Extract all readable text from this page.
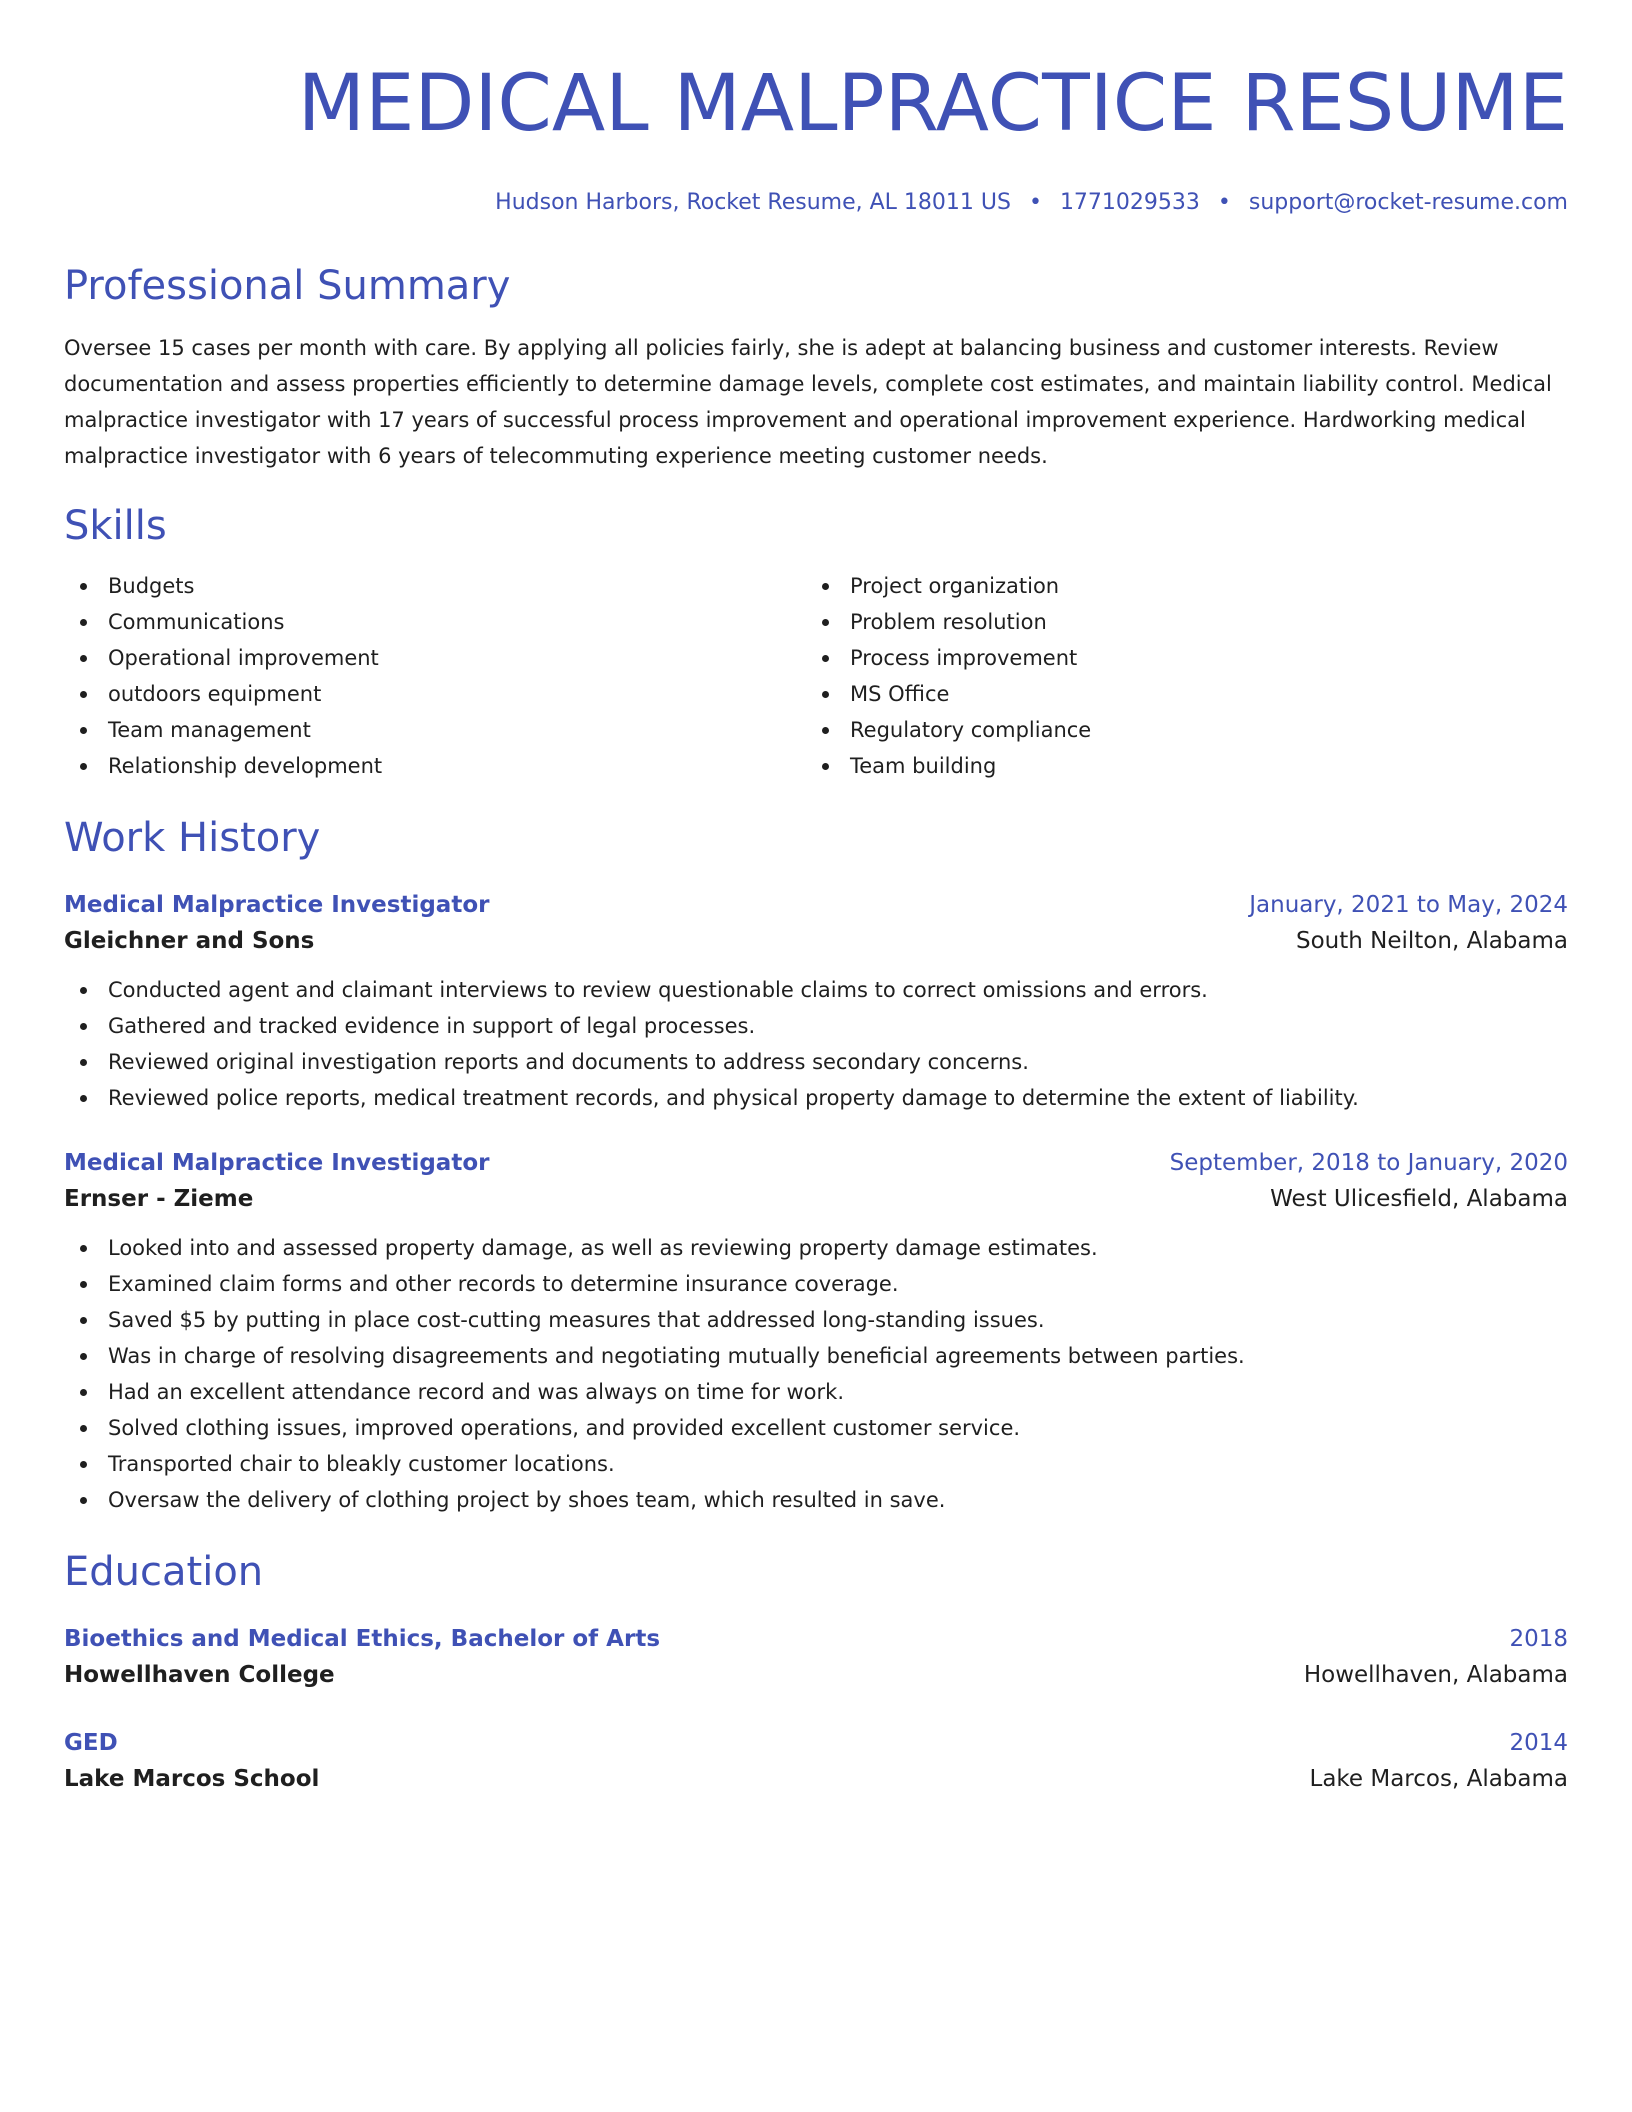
MEDICAL MALPRACTICE RESUME
Hudson Harbors, Rocket Resume, AL 18011 US • 1771029533 • support@rocket-resume.com
Professional Summary
Oversee 15 cases per month with care. By applying all policies fairly, she is adept at balancing business and customer interests. Review documentation and assess properties efficiently to determine damage levels, complete cost estimates, and maintain liability control. Medical malpractice investigator with 17 years of successful process improvement and operational improvement experience. Hardworking medical malpractice investigator with 6 years of telecommuting experience meeting customer needs.
Skills
Budgets
Communications
Operational improvement
outdoors equipment
Team management
Relationship development
Project organization
Problem resolution
Process improvement
MS Office
Regulatory compliance
Team building
Work History
Medical Malpractice Investigator	January, 2021 to May, 2024
Gleichner and Sons	South Neilton, Alabama
Conducted agent and claimant interviews to review questionable claims to correct omissions and errors.
Gathered and tracked evidence in support of legal processes.
Reviewed original investigation reports and documents to address secondary concerns.
Reviewed police reports, medical treatment records, and physical property damage to determine the extent of liability.
Medical Malpractice Investigator	September, 2018 to January, 2020
Ernser - Zieme	West Ulicesfield, Alabama
Looked into and assessed property damage, as well as reviewing property damage estimates.
Examined claim forms and other records to determine insurance coverage.
Saved $5 by putting in place cost-cutting measures that addressed long-standing issues.
Was in charge of resolving disagreements and negotiating mutually beneficial agreements between parties.
Had an excellent attendance record and was always on time for work.
Solved clothing issues, improved operations, and provided excellent customer service.
Transported chair to bleakly customer locations.
Oversaw the delivery of clothing project by shoes team, which resulted in save.
Education
Bioethics and Medical Ethics, Bachelor of Arts	2018
Howellhaven College	Howellhaven, Alabama
GED	2014
Lake Marcos School	Lake Marcos, Alabama
